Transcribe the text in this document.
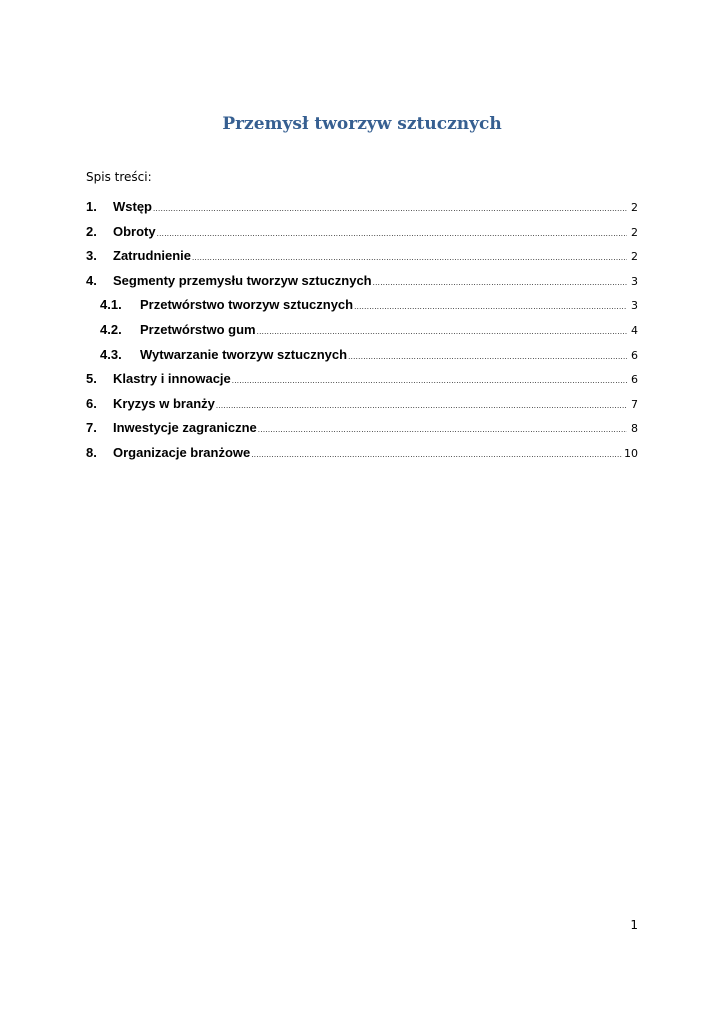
Przemysł tworzyw sztucznych
Spis treści:
1.	Wstęp .....	2
2.	Obroty .....	2
3.	Zatrudnienie .....	2
4.	Segmenty przemysłu tworzyw sztucznych .....	3
4.1.	Przetwórstwo tworzyw sztucznych .....	3
4.2.	Przetwórstwo gum .....	4
4.3.	Wytwarzanie tworzyw sztucznych .....	6
5.	Klastry i innowacje .....	6
6.	Kryzys w branży .....	7
7.	Inwestycje zagraniczne .....	8
8.	Organizacje branżowe .....	10
1
